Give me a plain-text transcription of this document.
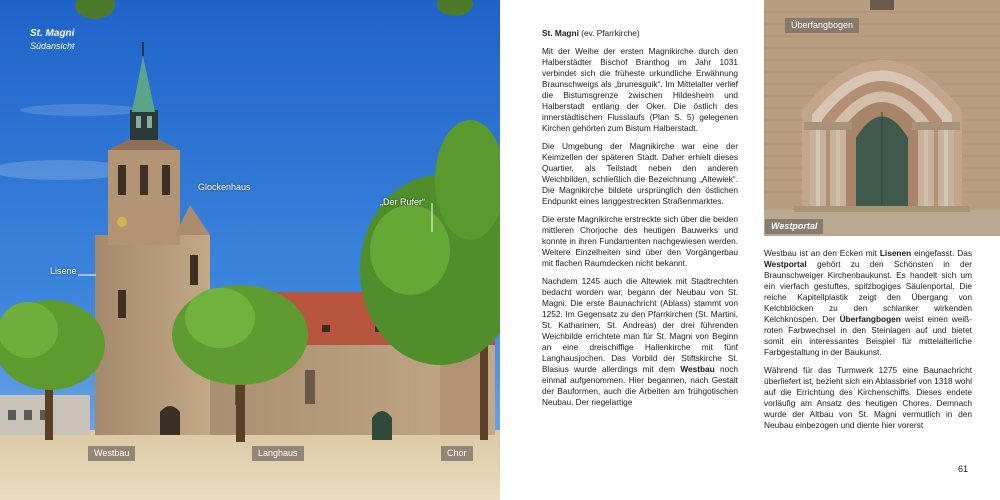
St. Magni
Südansicht
Glockenhaus
„Der Rufer“
Lisene
Westbau	Langhaus	Chor

St. Magni (ev. Pfarrkirche)

Mit der Weihe der ersten Magnikirche durch den Halberstädter Bischof Branthog im Jahr 1031 verbindet sich die früheste urkundliche Erwähnung Braunschweigs als „brunesguik“. Im Mittelalter verlief die Bistumsgrenze zwischen Hildesheim und Halberstadt entlang der Oker. Die östlich des innerstädtischen Flusslaufs (Plan S. 5) gelegenen Kirchen gehörten zum Bistum Halberstadt.

Die Umgebung der Magnikirche war eine der Keimzellen der späteren Stadt. Daher erhielt dieses Quartier, als Teilstadt neben den anderen Weichbilden, schließlich die Bezeichnung „Altewiek“. Die Magnikirche bildete ursprünglich den östlichen Endpunkt eines langgestreckten Straßenmarktes.

Die erste Magnikirche erstreckte sich über die beiden mittleren Chorjoche des heutigen Bauwerks und konnte in ihren Fundamenten nachgewiesen werden. Weitere Einzelheiten sind über den Vorgängerbau mit flachen Raumdecken nicht bekannt.

Nachdem 1245 auch die Altewiek mit Stadtrechten bedacht worden war, begann der Neubau von St. Magni. Die erste Baunachricht (Ablass) stammt von 1252. Im Gegensatz zu den Pfarrkirchen (St. Martini, St. Katharinen, St. Andreas) der drei führenden Weichbilde errichtete man für St. Magni von Beginn an eine dreischiffige Hallenkirche mit fünf Langhausjochen. Das Vorbild der Stiftskirche St. Blasius wurde allerdings mit dem Westbau noch einmal aufgenommen. Hier begannen, nach Gestalt der Bauformen, auch die Arbeiten am frühgotischen Neubau. Der riegelartige

Überfangbogen
Westportal

Westbau ist an den Ecken mit Lisenen eingefasst. Das Westportal gehört zu den Schönsten in der Braunschweiger Kirchenbaukunst. Es handelt sich um ein vierfach gestuftes, spitzbogiges Säulenportal. Die reiche Kapitellplastik zeigt den Übergang von Kelchblöcken zu den schlanker wirkenden Kelchknospen. Der Überfangbogen weist einen weiß-roten Farbwechsel in den Steinlagen auf und bietet somit ein interessantes Beispiel für mittelalterliche Farbgestaltung in der Baukunst.

Während für das Turmwerk 1275 eine Baunachricht überliefert ist, bezieht sich ein Ablassbrief von 1318 wohl auf die Errichtung des Kirchenschiffs. Dieses endete vorläufig am Ansatz des heutigen Chores. Demnach wurde der Altbau von St. Magni vermutlich in den Neubau einbezogen und diente hier vorerst

61
